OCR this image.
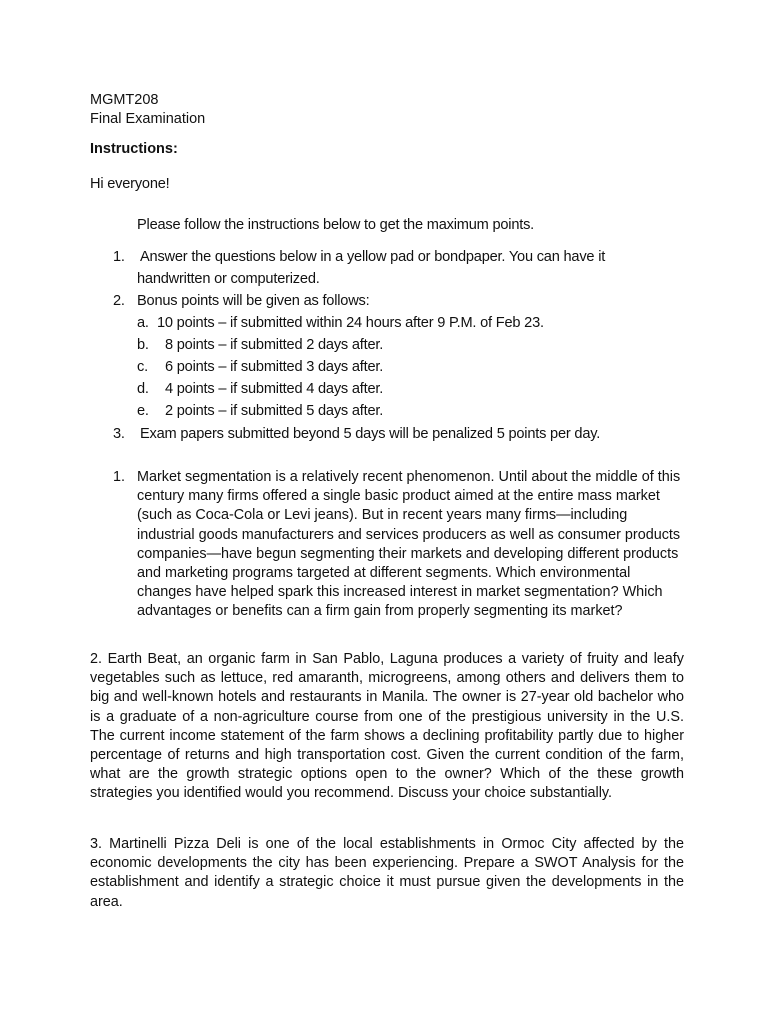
MGMT208
Final Examination
Instructions:
Hi everyone!
Please follow the instructions below to get the maximum points.
1. Answer the questions below in a yellow pad or bondpaper. You can have it
handwritten or computerized.
2. Bonus points will be given as follows:
a. 10 points – if submitted within 24 hours after 9 P.M. of Feb 23.
b. 8 points – if submitted 2 days after.
c. 6 points – if submitted 3 days after.
d. 4 points – if submitted 4 days after.
e. 2 points – if submitted 5 days after.
3. Exam papers submitted beyond 5 days will be penalized 5 points per day.
1. Market segmentation is a relatively recent phenomenon. Until about the middle of this century many firms offered a single basic product aimed at the entire mass market (such as Coca-Cola or Levi jeans). But in recent years many firms—including industrial goods manufacturers and services producers as well as consumer products companies—have begun segmenting their markets and developing different products and marketing programs targeted at different segments. Which environmental changes have helped spark this increased interest in market segmentation? Which advantages or benefits can a firm gain from properly segmenting its market?
2. Earth Beat, an organic farm in San Pablo, Laguna produces a variety of fruity and leafy vegetables such as lettuce, red amaranth, microgreens, among others and delivers them to big and well-known hotels and restaurants in Manila. The owner is 27-year old bachelor who is a graduate of a non-agriculture course from one of the prestigious university in the U.S. The current income statement of the farm shows a declining profitability partly due to higher percentage of returns and high transportation cost. Given the current condition of the farm, what are the growth strategic options open to the owner? Which of the these growth strategies you identified would you recommend. Discuss your choice substantially.
3. Martinelli Pizza Deli is one of the local establishments in Ormoc City affected by the economic developments the city has been experiencing. Prepare a SWOT Analysis for the establishment and identify a strategic choice it must pursue given the developments in the area.
